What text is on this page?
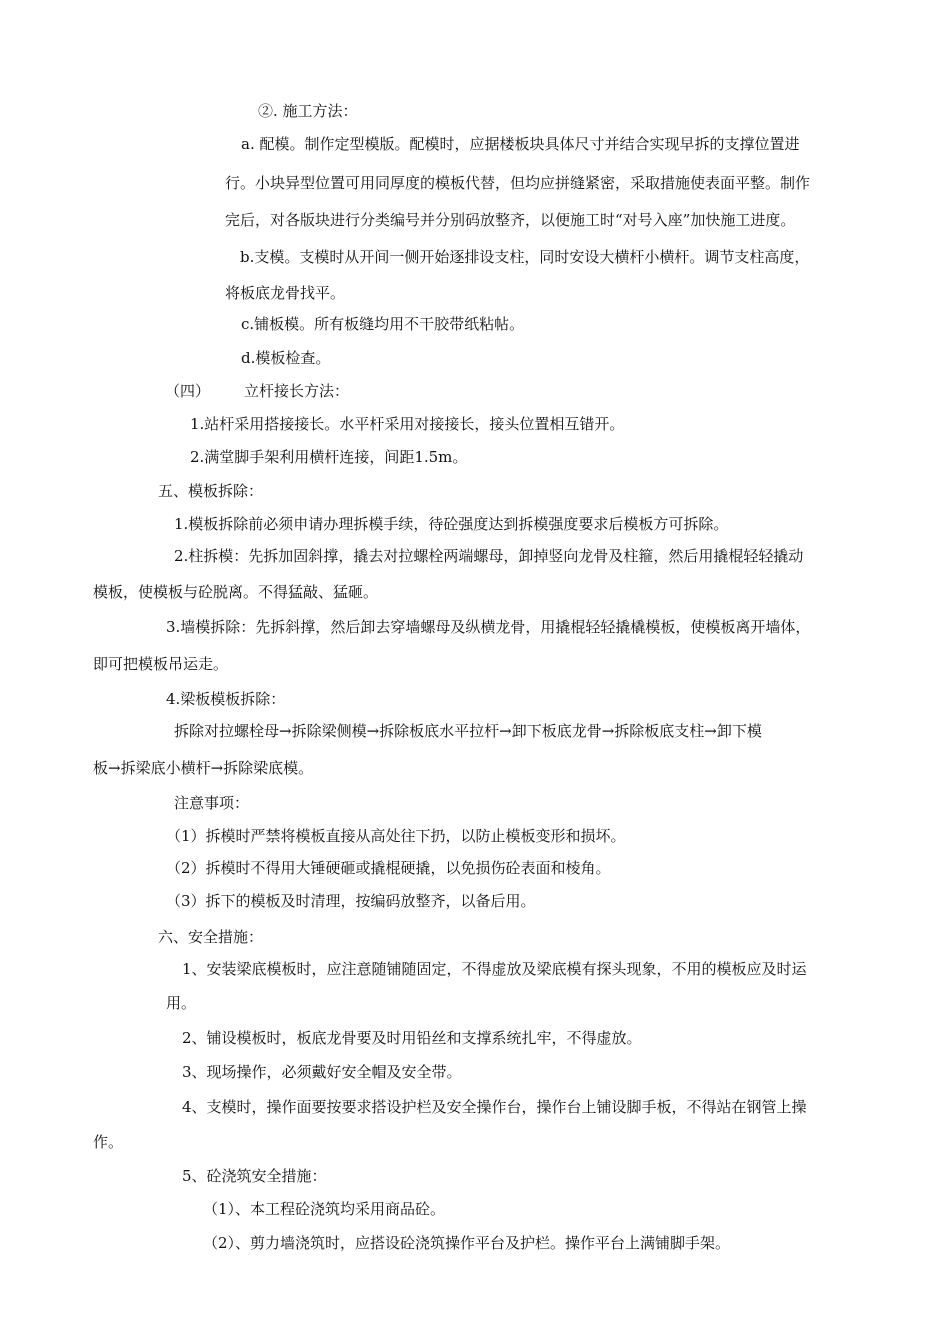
②. 施工方法：
a. 配模。制作定型模版。配模时，应据楼板块具体尺寸并结合实现早拆的支撑位置进
行。小块异型位置可用同厚度的模板代替，但均应拼缝紧密，采取措施使表面平整。制作
完后，对各版块进行分类编号并分别码放整齐，以便施工时“对号入座”加快施工进度。
b.支模。支模时从开间一侧开始逐排设支柱，同时安设大横杆小横杆。调节支柱高度，
将板底龙骨找平。
c.铺板模。所有板缝均用不干胶带纸粘帖。
d.模板检查。
（四） 立杆接长方法：
1.站杆采用搭接接长。水平杆采用对接接长，接头位置相互错开。
2.满堂脚手架利用横杆连接，间距1.5m。
五、模板拆除：
1.模板拆除前必须申请办理拆模手续，待砼强度达到拆模强度要求后模板方可拆除。
2.柱拆模：先拆加固斜撑，撬去对拉螺栓两端螺母，卸掉竖向龙骨及柱箍，然后用撬棍轻轻撬动
模板，使模板与砼脱离。不得猛敲、猛砸。
3.墙模拆除：先拆斜撑，然后卸去穿墙螺母及纵横龙骨，用撬棍轻轻撬橇模板，使模板离开墙体，
即可把模板吊运走。
4.梁板模板拆除：
拆除对拉螺栓母→拆除梁侧模→拆除板底水平拉杆→卸下板底龙骨→拆除板底支柱→卸下模
板→拆梁底小横杆→拆除梁底模。
注意事项：
（1）拆模时严禁将模板直接从高处往下扔，以防止模板变形和损坏。
（2）拆模时不得用大锤硬砸或撬棍硬撬，以免损伤砼表面和棱角。
（3）拆下的模板及时清理，按编码放整齐，以备后用。
六、安全措施：
1、安装梁底模板时，应注意随铺随固定，不得虚放及梁底模有探头现象，不用的模板应及时运
用。
2、铺设模板时，板底龙骨要及时用铅丝和支撑系统扎牢，不得虚放。
3、现场操作，必须戴好安全帽及安全带。
4、支模时，操作面要按要求搭设护栏及安全操作台，操作台上铺设脚手板，不得站在钢管上操
作。
5、砼浇筑安全措施：
（1）、本工程砼浇筑均采用商品砼。
（2）、剪力墙浇筑时，应搭设砼浇筑操作平台及护栏。操作平台上满铺脚手架。
